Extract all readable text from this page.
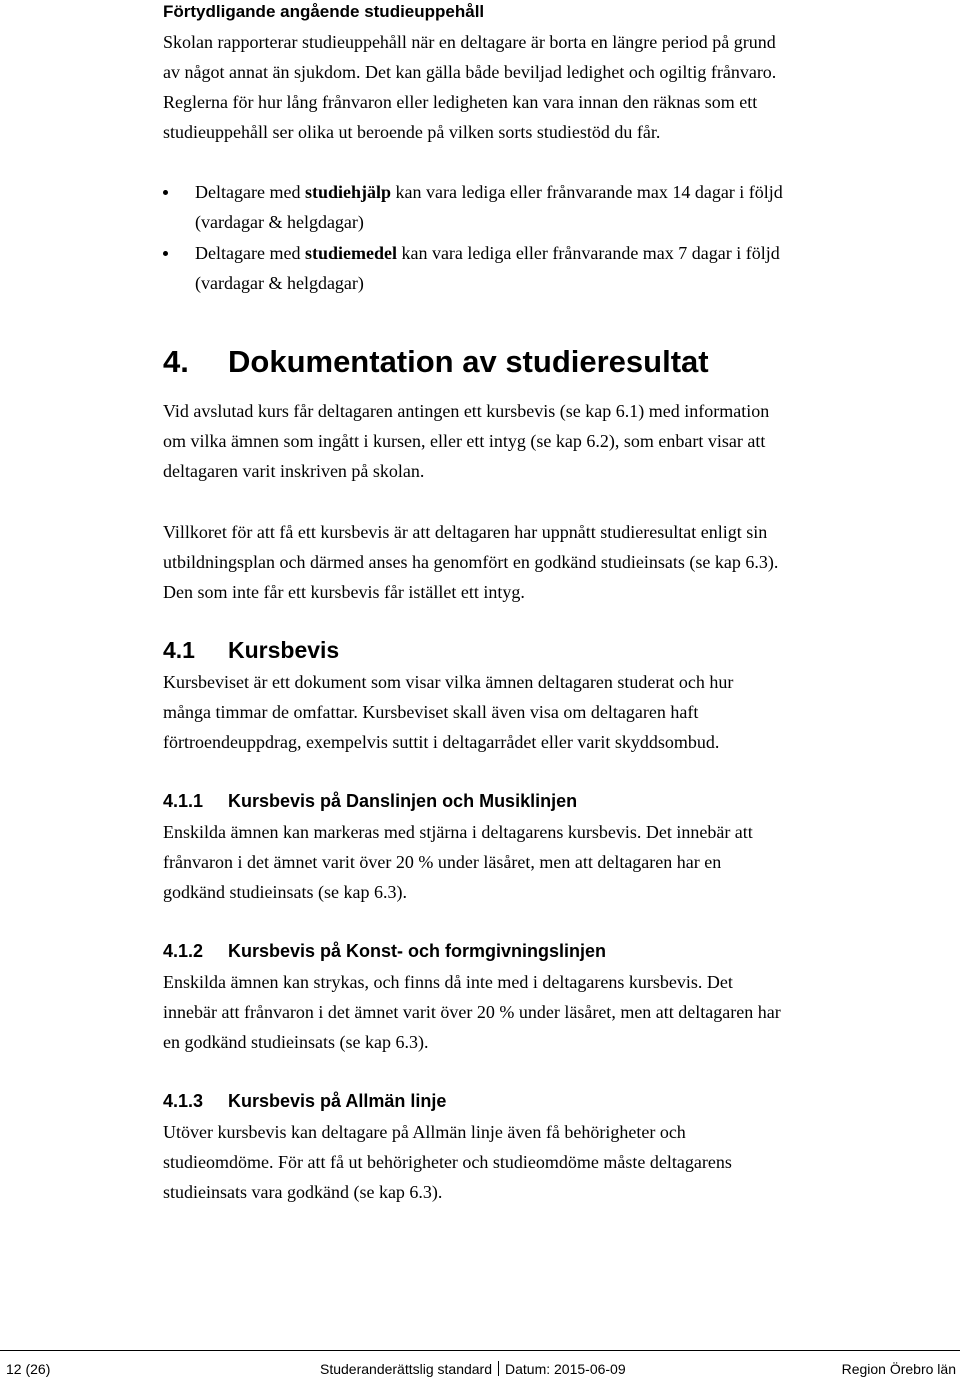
Förtydligande angående studieuppehåll

Skolan rapporterar studieuppehåll när en deltagare är borta en längre period på grund

av något annat än sjukdom. Det kan gälla både beviljad ledighet och ogiltig frånvaro.

Reglerna för hur lång frånvaron eller ledigheten kan vara innan den räknas som ett

studieuppehåll ser olika ut beroende på vilken sorts studiestöd du får.

Deltagare med studiehjälp kan vara lediga eller frånvarande max 14 dagar i följd
(vardagar & helgdagar)
Deltagare med studiemedel kan vara lediga eller frånvarande max 7 dagar i följd
(vardagar & helgdagar)
4.	Dokumentation av studieresultat

Vid avslutad kurs får deltagaren antingen ett kursbevis (se kap 6.1) med information

om vilka ämnen som ingått i kursen, eller ett intyg (se kap 6.2), som enbart visar att

deltagaren varit inskriven på skolan.

Villkoret för att få ett kursbevis är att deltagaren har uppnått studieresultat enligt sin

utbildningsplan och därmed anses ha genomfört en godkänd studieinsats (se kap 6.3).

Den som inte får ett kursbevis får istället ett intyg.

4.1	Kursbevis

Kursbeviset är ett dokument som visar vilka ämnen deltagaren studerat och hur

många timmar de omfattar. Kursbeviset skall även visa om deltagaren haft

förtroendeuppdrag, exempelvis suttit i deltagarrådet eller varit skyddsombud.

4.1.1	Kursbevis på Danslinjen och Musiklinjen

Enskilda ämnen kan markeras med stjärna i deltagarens kursbevis. Det innebär att

frånvaron i det ämnet varit över 20 % under läsåret, men att deltagaren har en

godkänd studieinsats (se kap 6.3).

4.1.2	Kursbevis på Konst- och formgivningslinjen

Enskilda ämnen kan strykas, och finns då inte med i deltagarens kursbevis. Det

innebär att frånvaron i det ämnet varit över 20 % under läsåret, men att deltagaren har

en godkänd studieinsats (se kap 6.3).

4.1.3	Kursbevis på Allmän linje

Utöver kursbevis kan deltagare på Allmän linje även få behörigheter och

studieomdöme. För att få ut behörigheter och studieomdöme måste deltagarens

studieinsats vara godkänd (se kap 6.3).

12 (26)	Studeranderättslig standard Datum: 2015-06-09	Region Örebro län
